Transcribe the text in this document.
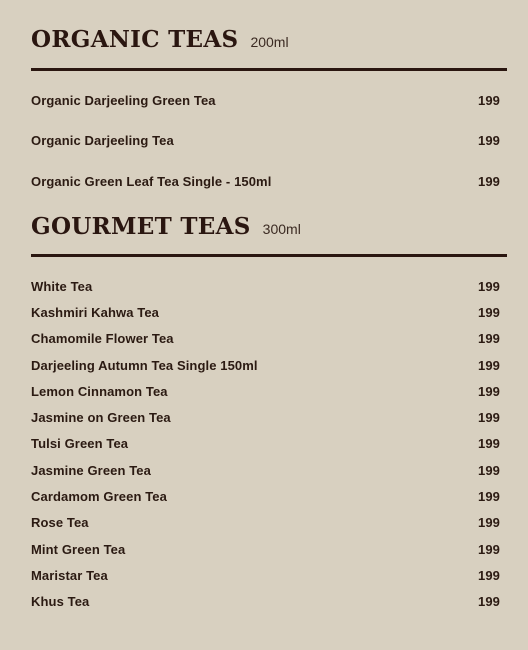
ORGANIC TEAS 200ml
Organic Darjeeling Green Tea	199
Organic Darjeeling Tea	199
Organic Green Leaf Tea Single - 150ml	199
GOURMET TEAS 300ml
White Tea	199
Kashmiri Kahwa Tea	199
Chamomile Flower Tea	199
Darjeeling Autumn Tea Single 150ml	199
Lemon Cinnamon Tea	199
Jasmine on Green Tea	199
Tulsi Green Tea	199
Jasmine Green Tea	199
Cardamom Green Tea	199
Rose Tea	199
Mint Green Tea	199
Maristar Tea	199
Khus Tea	199
